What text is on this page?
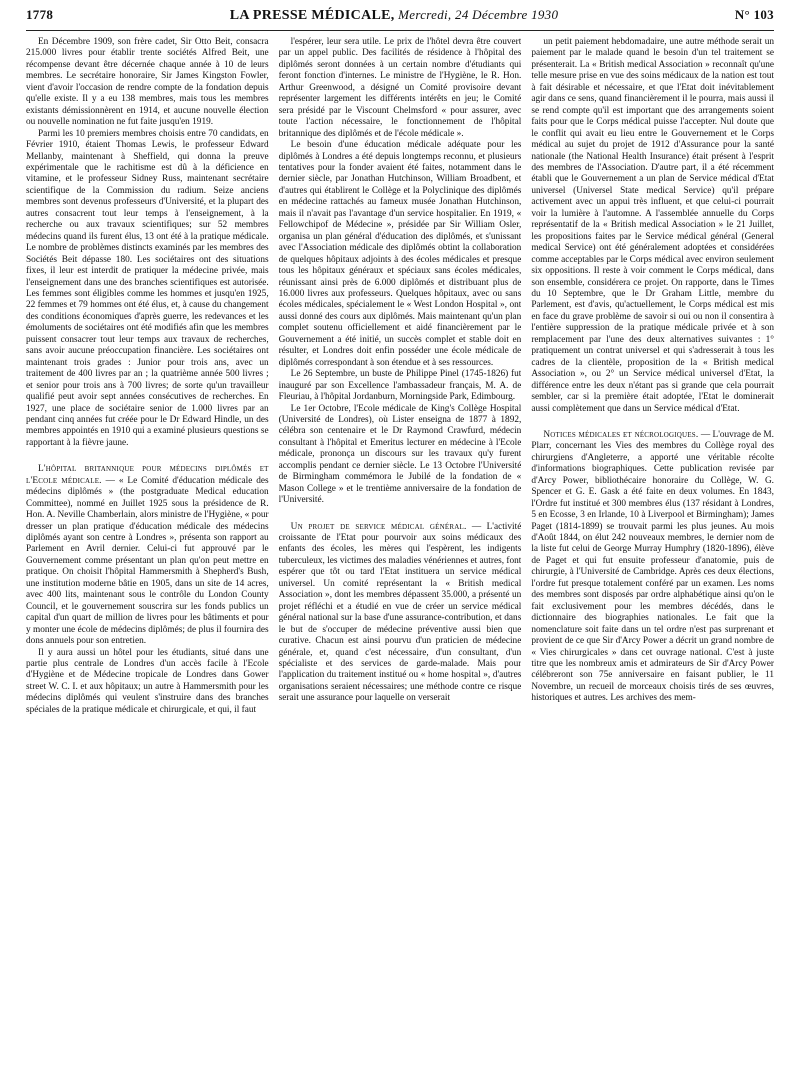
1778	LA PRESSE MÉDICALE, Mercredi, 24 Décembre 1930	N° 103

En Décembre 1909, son frère cadet, Sir Otto Beit, consacra 215.000 livres pour établir trente sociétés Alfred Beit, une récompense devant être décernée chaque année à 10 de leurs membres. Le secrétaire honoraire, Sir James Kingston Fowler, vient d'avoir l'occasion de rendre compte de la fondation depuis qu'elle existe. Il y a eu 138 membres, mais tous les membres existants démissionnèrent en 1914, et aucune nouvelle élection ou nouvelle nomination ne fut faite jusqu'en 1919.

Parmi les 10 premiers membres choisis entre 70 candidats, en Février 1910, étaient Thomas Lewis, le professeur Edward Mellanby, maintenant à Sheffield, qui donna la preuve expérimentale que le rachitisme est dû à la déficience en vitamine, et le professeur Sidney Russ, maintenant secrétaire scientifique de la Commission du radium. Seize anciens membres sont devenus professeurs d'Université, et la plupart des autres consacrent tout leur temps à l'enseignement, à la recherche ou aux travaux scientifiques; sur 52 membres médecins quand ils furent élus, 13 ont été à la pratique médicale. Le nombre de problèmes distincts examinés par les membres des Sociétés Beit dépasse 180. Les sociétaires ont des situations fixes, il leur est interdit de pratiquer la médecine privée, mais l'enseignement dans une des branches scientifiques est autorisée. Les femmes sont éligibles comme les hommes et jusqu'en 1925, 22 femmes et 79 hommes ont été élus, et, à cause du changement des conditions économiques d'après guerre, les redevances et les émoluments de sociétaires ont été modifiés afin que les membres puissent consacrer tout leur temps aux travaux de recherches, sans avoir aucune préoccupation financière. Les sociétaires ont maintenant trois grades : Junior pour trois ans, avec un traitement de 400 livres par an ; la quatrième année 500 livres ; et senior pour trois ans à 700 livres; de sorte qu'un travailleur qualifié peut avoir sept années consécutives de recherches. En 1927, une place de sociétaire senior de 1.000 livres par an pendant cinq années fut créée pour le Dr Edward Hindle, un des membres appointés en 1910 qui a examiné plusieurs questions se rapportant à la fièvre jaune.

L'hôpital britannique pour médecins diplômés et l'Ecole médicale. — « Le Comité d'éducation médicale des médecins diplômés » (the postgraduate Medical education Committee), nommé en Juillet 1925 sous la présidence de R. Hon. A. Neville Chamberlain, alors ministre de l'Hygiène, « pour dresser un plan pratique d'éducation médicale des médecins diplômés ayant son centre à Londres », présenta son rapport au Parlement en Avril dernier. Celui-ci fut approuvé par le Gouvernement comme présentant un plan qu'on peut mettre en pratique. On choisit l'hôpital Hammersmith à Shepherd's Bush, une institution moderne bâtie en 1905, dans un site de 14 acres, avec 400 lits, maintenant sous le contrôle du London County Council, et le gouvernement souscrira sur les fonds publics un capital d'un quart de million de livres pour les bâtiments et pour y monter une école de médecins diplômés; de plus il fournira des dons annuels pour son entretien.

Il y aura aussi un hôtel pour les étudiants, situé dans une partie plus centrale de Londres d'un accès facile à l'Ecole d'Hygiène et de Médecine tropicale de Londres dans Gower street W. C. I. et aux hôpitaux; un autre à Hammersmith pour les médecins diplômés qui veulent s'instruire dans des branches spéciales de la pratique médicale et chirurgicale, et qui, il faut

l'espérer, leur sera utile. Le prix de l'hôtel devra être couvert par un appel public. Des facilités de résidence à l'hôpital des diplômés seront données à un certain nombre d'étudiants qui feront fonction d'internes. Le ministre de l'Hygiène, le R. Hon. Arthur Greenwood, a désigné un Comité provisoire devant représenter largement les différents intérêts en jeu; le Comité sera présidé par le Viscount Chelmsford « pour assurer, avec toute l'action nécessaire, le fonctionnement de l'hôpital britannique des diplômés et de l'école médicale ».

Le besoin d'une éducation médicale adéquate pour les diplômés à Londres a été depuis longtemps reconnu, et plusieurs tentatives pour la fonder avaient été faites, notamment dans le dernier siècle, par Jonathan Hutchinson, William Broadbent, et d'autres qui établirent le Collège et la Polyclinique des diplômés en médecine rattachés au fameux musée Jonathan Hutchinson, mais il n'avait pas l'avantage d'un service hospitalier. En 1919, « Fellowchipof de Médecine », présidée par Sir William Osler, organisa un plan général d'éducation des diplômés, et s'unissant avec l'Association médicale des diplômés obtint la collaboration de quelques hôpitaux adjoints à des écoles médicales et presque tous les hôpitaux généraux et spéciaux sans écoles médicales, réunissant ainsi près de 6.000 diplômés et distribuant plus de 16.000 livres aux professeurs. Quelques hôpitaux, avec ou sans écoles médicales, spécialement le « West London Hospital », ont aussi donné des cours aux diplômés. Mais maintenant qu'un plan complet soutenu officiellement et aidé financièrement par le Gouvernement a été initié, un succès complet et stable doit en résulter, et Londres doit enfin posséder une école médicale de diplômés correspondant à son étendue et à ses ressources.

Le 26 Septembre, un buste de Philippe Pinel (1745-1826) fut inauguré par son Excellence l'ambassadeur français, M. A. de Fleuriau, à l'hôpital Jordanburn, Morningside Park, Edimbourg.

Le 1er Octobre, l'Ecole médicale de King's Collège Hospital (Université de Londres), où Lister enseigna de 1877 à 1892, célébra son centenaire et le Dr Raymond Crawfurd, médecin consultant à l'hôpital et Emeritus lecturer en médecine à l'Ecole médicale, prononça un discours sur les travaux qu'y furent accomplis pendant ce dernier siècle. Le 13 Octobre l'Université de Birmingham commémora le Jubilé de la fondation de « Mason College » et le trentième anniversaire de la fondation de l'Université.

Un projet de service médical général. — L'activité croissante de l'Etat pour pourvoir aux soins médicaux des enfants des écoles, les mères qui l'espèrent, les indigents tuberculeux, les victimes des maladies vénériennes et autres, font espérer que tôt ou tard l'Etat instituera un service médical universel. Un comité représentant la « British medical Association », dont les membres dépassent 35.000, a présenté un projet réfléchi et a étudié en vue de créer un service médical général national sur la base d'une assurance-contribution, et dans le but de s'occuper de médecine préventive aussi bien que curative. Chacun est ainsi pourvu d'un praticien de médecine générale, et, quand c'est nécessaire, d'un consultant, d'un spécialiste et des services de garde-malade. Mais pour l'application du traitement institué ou « home hospital », d'autres organisations seraient nécessaires; une méthode contre ce risque serait une assurance pour laquelle on verserait

un petit paiement hebdomadaire, une autre méthode serait un paiement par le malade quand le besoin d'un tel traitement se présenterait. La « British medical Association » reconnaît qu'une telle mesure prise en vue des soins médicaux de la nation est tout à fait désirable et nécessaire, et que l'Etat doit inévitablement agir dans ce sens, quand financièrement il le pourra, mais aussi il se rend compte qu'il est important que des arrangements soient faits pour que le Corps médical puisse l'accepter. Nul doute que le conflit qui avait eu lieu entre le Gouvernement et le Corps médical au sujet du projet de 1912 d'Assurance pour la santé nationale (the National Health Insurance) était présent à l'esprit des membres de l'Association. D'autre part, il a été récemment établi que le Gouvernement a un plan de Service médical d'Etat universel (Universel State medical Service) qu'il prépare activement avec un appui très influent, et que celui-ci pourrait voir la lumière à l'automne. A l'assemblée annuelle du Corps représentatif de la « British medical Association » le 21 Juillet, les propositions faites par le Service médical général (General medical Service) ont été généralement adoptées et considérées comme acceptables par le Corps médical avec environ seulement six oppositions. Il reste à voir comment le Corps médical, dans son ensemble, considérera ce projet. On rapporte, dans le Times du 10 Septembre, que le Dr Graham Little, membre du Parlement, est d'avis, qu'actuellement, le Corps médical est mis en face du grave problème de savoir si oui ou non il consentira à l'entière suppression de la pratique médicale privée et à son remplacement par l'une des deux alternatives suivantes : 1° pratiquement un contrat universel et qui s'adresserait à tous les cadres de la clientèle, proposition de la « British medical Association », ou 2° un Service médical universel d'Etat, la différence entre les deux n'étant pas si grande que cela pourrait sembler, car si la première était adoptée, l'Etat le dominerait aussi complètement que dans un Service médical d'Etat.

Notices médicales et nécrologiques. — L'ouvrage de M. Plarr, concernant les Vies des membres du Collège royal des chirurgiens d'Angleterre, a apporté une véritable récolte d'informations biographiques. Cette publication revisée par d'Arcy Power, bibliothécaire honoraire du Collège, W. G. Spencer et G. E. Gask a été faite en deux volumes. En 1843, l'Ordre fut institué et 300 membres élus (137 résidant à Londres, 5 en Ecosse, 3 en Irlande, 10 à Liverpool et Birmingham); James Paget (1814-1899) se trouvait parmi les plus jeunes. Au mois d'Août 1844, on élut 242 nouveaux membres, le dernier nom de la liste fut celui de George Murray Humphry (1820-1896), élève de Paget et qui fut ensuite professeur d'anatomie, puis de chirurgie, à l'Université de Cambridge. Après ces deux élections, l'ordre fut presque totalement conféré par un examen. Les noms des membres sont disposés par ordre alphabétique ainsi qu'on le fait exclusivement pour les membres décédés, dans le dictionnaire des biographies nationales. Le fait que la nomenclature soit faite dans un tel ordre n'est pas surprenant et provient de ce que Sir d'Arcy Power a décrit un grand nombre de « Vies chirurgicales » dans cet ouvrage national. C'est à juste titre que les nombreux amis et admirateurs de Sir d'Arcy Power célébreront son 75e anniversaire en faisant publier, le 11 Novembre, un recueil de morceaux choisis tirés de ses œuvres, historiques et autres. Les archives des mem-
